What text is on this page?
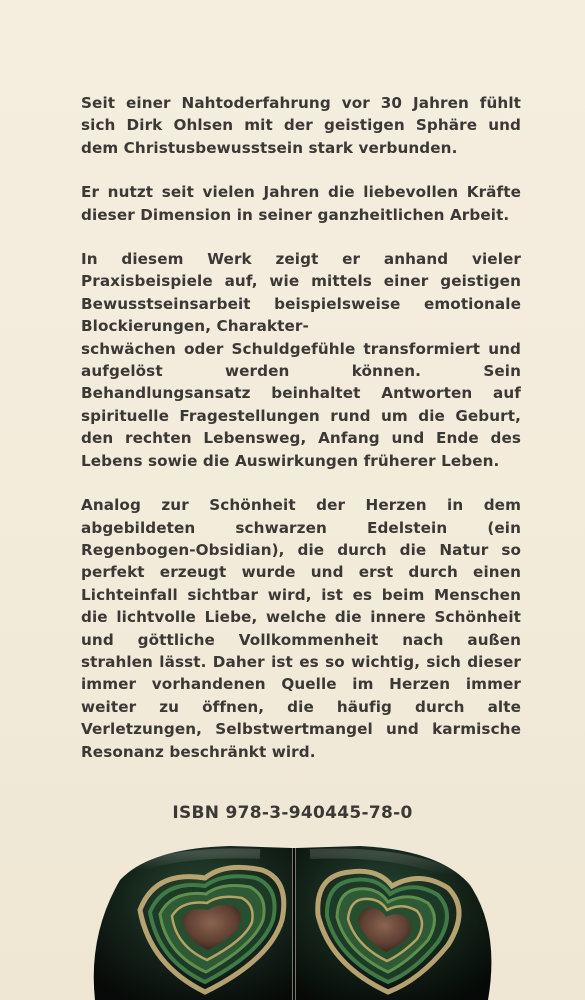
Seit einer Nahtoderfahrung vor 30 Jahren fühlt sich Dirk Ohlsen mit der geistigen Sphäre und dem Christusbewusstsein stark verbunden.

Er nutzt seit vielen Jahren die liebevollen Kräfte dieser Dimension in seiner ganzheitlichen Arbeit.

In diesem Werk zeigt er anhand vieler Praxisbeispiele auf, wie mittels einer geistigen Bewusstseinsarbeit beispielsweise emotionale Blockierungen, Charakter-
schwächen oder Schuldgefühle transformiert und aufgelöst werden können. Sein Behandlungsansatz beinhaltet Antworten auf spirituelle Fragestellungen rund um die Geburt, den rechten Lebensweg, Anfang und Ende des Lebens sowie die Auswirkungen früherer Leben.

Analog zur Schönheit der Herzen in dem abgebildeten schwarzen Edelstein (ein Regenbogen-Obsidian), die durch die Natur so perfekt erzeugt wurde und erst durch einen Lichteinfall sichtbar wird, ist es beim Menschen die lichtvolle Liebe, welche die innere Schönheit und göttliche Vollkommenheit nach außen strahlen lässt. Daher ist es so wichtig, sich dieser immer vorhandenen Quelle im Herzen immer weiter zu öffnen, die häufig durch alte Verletzungen, Selbstwertmangel und karmische Resonanz beschränkt wird.

ISBN 978-3-940445-78-0
